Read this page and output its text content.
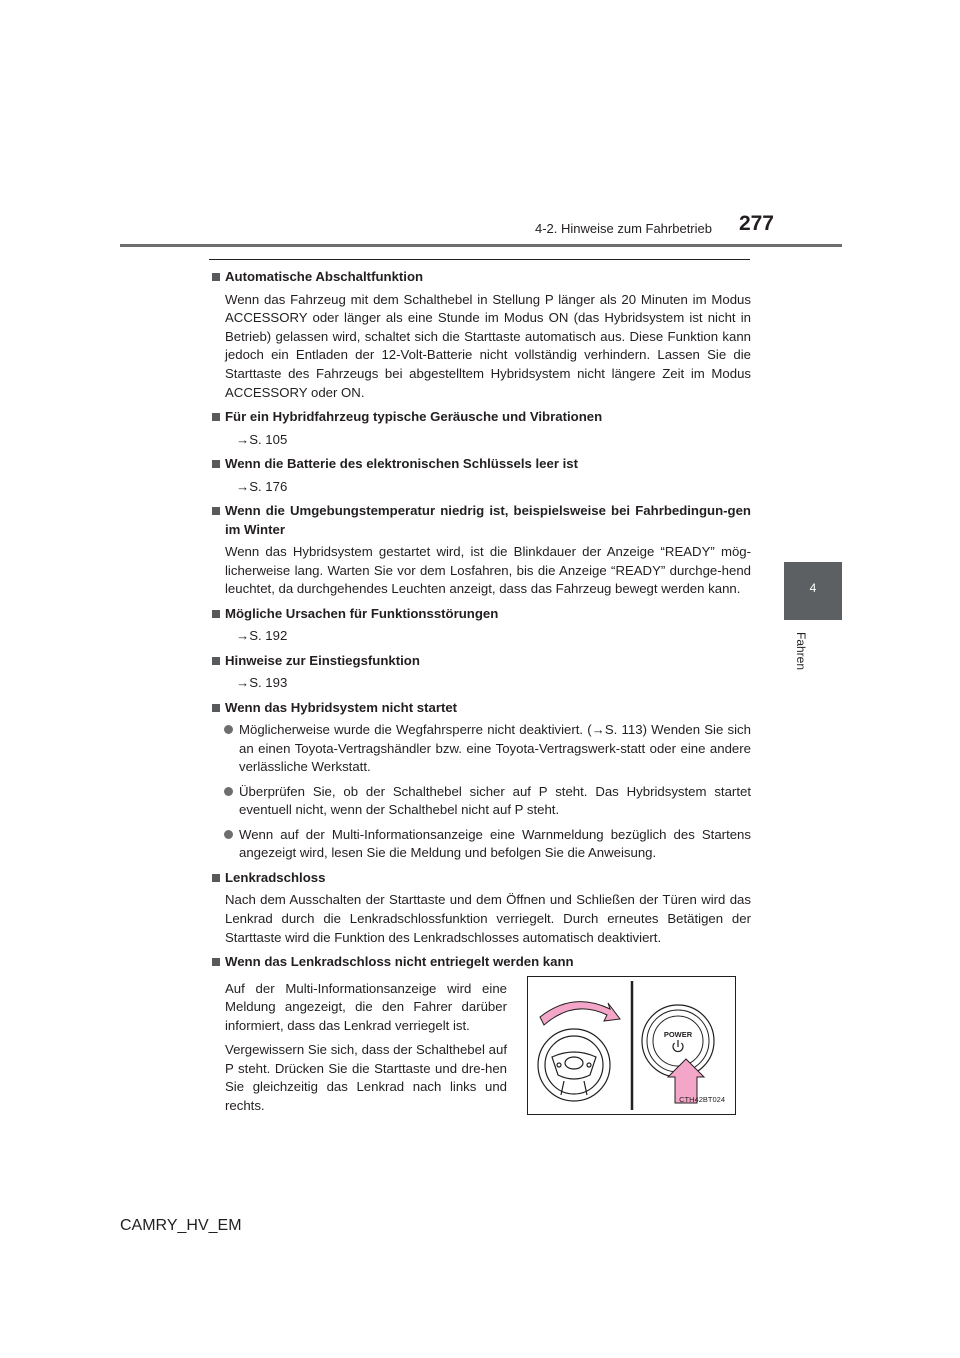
4-2. Hinweise zum Fahrbetrieb 277
4
Fahren
Automatische Abschaltfunktion

Wenn das Fahrzeug mit dem Schalthebel in Stellung P länger als 20 Minuten im Modus ACCESSORY oder länger als eine Stunde im Modus ON (das Hybridsystem ist nicht in Betrieb) gelassen wird, schaltet sich die Starttaste automatisch aus. Diese Funktion kann jedoch ein Entladen der 12-Volt-Batterie nicht vollständig verhindern. Lassen Sie die Starttaste des Fahrzeugs bei abgestelltem Hybridsystem nicht längere Zeit im Modus ACCESSORY oder ON.

Für ein Hybridfahrzeug typische Geräusche und Vibrationen

→S. 105

Wenn die Batterie des elektronischen Schlüssels leer ist

→S. 176

Wenn die Umgebungstemperatur niedrig ist, beispielsweise bei Fahrbedingun-gen im Winter

Wenn das Hybridsystem gestartet wird, ist die Blinkdauer der Anzeige “READY” mög-licherweise lang. Warten Sie vor dem Losfahren, bis die Anzeige “READY” durchge-hend leuchtet, da durchgehendes Leuchten anzeigt, dass das Fahrzeug bewegt werden kann.

Mögliche Ursachen für Funktionsstörungen

→S. 192

Hinweise zur Einstiegsfunktion

→S. 193

Wenn das Hybridsystem nicht startet
Möglicherweise wurde die Wegfahrsperre nicht deaktiviert. (→S. 113) Wenden Sie sich an einen Toyota-Vertragshändler bzw. eine Toyota-Vertragswerk-statt oder eine andere verlässliche Werkstatt.
Überprüfen Sie, ob der Schalthebel sicher auf P steht. Das Hybridsystem startet eventuell nicht, wenn der Schalthebel nicht auf P steht.
Wenn auf der Multi-Informationsanzeige eine Warnmeldung bezüglich des Startens angezeigt wird, lesen Sie die Meldung und befolgen Sie die Anweisung.
Lenkradschloss

Nach dem Ausschalten der Starttaste und dem Öffnen und Schließen der Türen wird das Lenkrad durch die Lenkradschlossfunktion verriegelt. Durch erneutes Betätigen der Starttaste wird die Funktion des Lenkradschlosses automatisch deaktiviert.

Wenn das Lenkradschloss nicht entriegelt werden kann

Auf der Multi-Informationsanzeige wird eine Meldung angezeigt, die den Fahrer darüber informiert, dass das Lenkrad verriegelt ist.

Vergewissern Sie sich, dass der Schalthebel auf P steht. Drücken Sie die Starttaste und dre-hen Sie gleichzeitig das Lenkrad nach links und rechts.

POWER
CTH42BT024
CAMRY_HV_EM
